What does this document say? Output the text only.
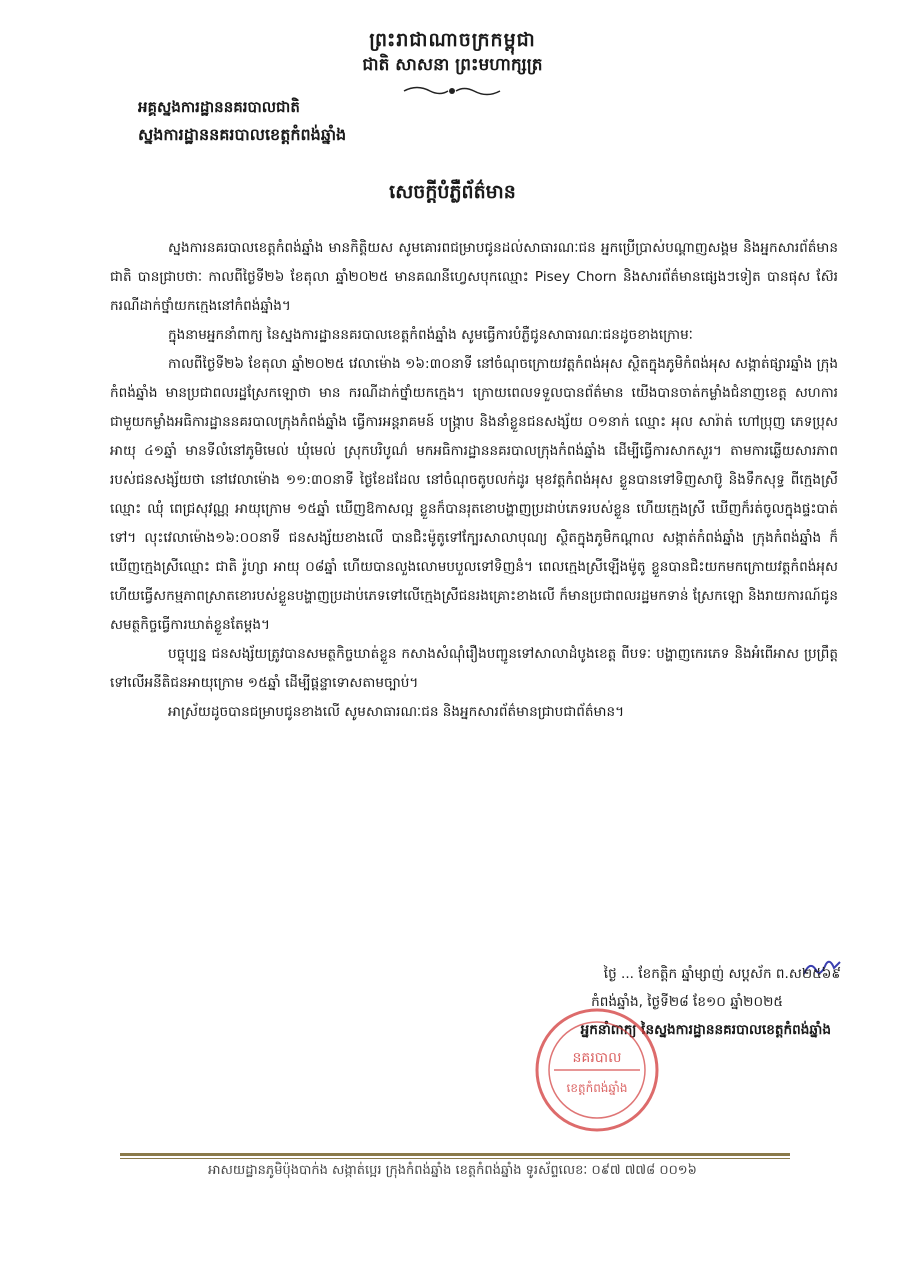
ព្រះរាជាណាចក្រកម្ពុជា
ជាតិ សាសនា ព្រះមហាក្សត្រ
អគ្គស្នងការដ្ឋាននគរបាលជាតិ
ស្នងការដ្ឋាននគរបាលខេត្តកំពង់ឆ្នាំង
សេចក្តីបំភ្លឺព័ត៌មាន

ស្នងការនគរបាលខេត្តកំពង់ឆ្នាំង មានកិត្តិយស សូមគោរពជម្រាបជូនដល់សាធារណៈជន អ្នកប្រើប្រាស់បណ្តាញសង្គម និងអ្នកសារព័ត៌មានជាតិ បានជ្រាបថាៈ កាលពីថ្ងៃទី២៦ ខែតុលា ឆ្នាំ២០២៥ មានគណនីហ្វេសបុកឈ្មោះ Pisey Chorn និងសារព័ត៌មានផ្សេងៗទៀត បានផុស ស៊ែរ ករណីដាក់ថ្នាំយកក្មេងនៅកំពង់ឆ្នាំង។

ក្នុងនាមអ្នកនាំពាក្យ នៃស្នងការដ្ឋាននគរបាលខេត្តកំពង់ឆ្នាំង សូមធ្វើការបំភ្លឺជូនសាធារណៈជនដូចខាងក្រោមៈ

កាលពីថ្ងៃទី២៦ ខែតុលា ឆ្នាំ២០២៥ វេលាម៉ោង ១៦:៣០នាទី នៅចំណុចក្រោយវត្តកំពង់អុស ស្ថិតក្នុងភូមិកំពង់អុស សង្កាត់ផ្សារឆ្នាំង ក្រុងកំពង់ឆ្នាំង មានប្រជាពលរដ្ឋស្រែកឡោថា មាន ករណីដាក់ថ្នាំយកក្មេង។ ក្រោយពេលទទួលបានព័ត៌មាន យើងបានចាត់កម្លាំងជំនាញខេត្ត សហការ ជាមួយកម្លាំងអធិការដ្ឋាននគរបាលក្រុងកំពង់ឆ្នាំង ធ្វើការអន្តរាគមន៍ បង្ក្រាប និងនាំខ្លួនជនសង្ស័យ ០១នាក់ ឈ្មោះ អុល សារ៉ាត់ ហៅប្រុញ ភេទប្រុស អាយុ ៤១ឆ្នាំ មានទីលំនៅភូមិមេល់ ឃុំមេល់ ស្រុកបរិបូណ៌ មកអធិការដ្ឋាននគរបាលក្រុងកំពង់ឆ្នាំង ដើម្បីធ្វើការសាកសួរ។ តាមការឆ្លើយសារភាពរបស់ជនសង្ស័យថា នៅវេលាម៉ោង ១១:៣០នាទី ថ្ងៃខែដដែល នៅចំណុចតូបលក់ដូរ មុខវត្តកំពង់អុស ខ្លួនបានទៅទិញសាប៊ូ និងទឹកសុទ្ធ ពីក្មេងស្រីឈ្មោះ ឈុំ ពេជ្រសុវណ្ណ អាយុក្រោម ១៥ឆ្នាំ ឃើញឱកាសល្អ ខ្លួនក៏បានរុតខោបង្ហាញប្រដាប់ភេទរបស់ខ្លួន ហើយក្មេងស្រី ឃើញក៏រត់ចូលក្នុងផ្ទះបាត់ទៅ។ លុះវេលាម៉ោង១៦:០០នាទី ជនសង្ស័យខាងលើ បានជិះម៉ូតូទៅក្បែរសាលាបុណ្យ ស្ថិតក្នុងភូមិកណ្តាល សង្កាត់កំពង់ឆ្នាំង ក្រុងកំពង់ឆ្នាំង ក៏ឃើញក្មេងស្រីឈ្មោះ ជាតិ រ៉ូហ្សា អាយុ ០៨ឆ្នាំ ហើយបានលួងលោមបបួលទៅទិញនំ។ ពេលក្មេងស្រីឡើងម៉ូតូ ខ្លួនបានជិះយកមកក្រោយវត្តកំពង់អុស ហើយធ្វើសកម្មភាពស្រាតខោរបស់ខ្លួនបង្ហាញប្រដាប់ភេទទៅលើក្មេងស្រីជនរងគ្រោះខាងលើ ក៏មានប្រជាពលរដ្ឋមកទាន់ ស្រែកឡោ និងរាយការណ៍ជូនសមត្ថកិច្ចធ្វើការឃាត់ខ្លួនតែម្តង។

បច្ចុប្បន្ន ជនសង្ស័យត្រូវបានសមត្ថកិច្ចឃាត់ខ្លួន កសាងសំណុំរឿងបញ្ជូនទៅសាលាដំបូងខេត្ត ពីបទៈ បង្ហាញកេរភេទ និងអំពើអាស ប្រព្រឹត្តទៅលើអនីតិជនអាយុក្រោម ១៥ឆ្នាំ ដើម្បីផ្តន្ទាទោសតាមច្បាប់។

អាស្រ័យដូចបានជម្រាបជូនខាងលើ សូមសាធារណៈជន និងអ្នកសារព័ត៌មានជ្រាបជាព័ត៌មាន។

ថ្ងៃ ... ខែកត្តិក ឆ្នាំម្សាញ់ សប្តស័ក ព.ស២៥៦៩
កំពង់ឆ្នាំង, ថ្ងៃទី២៨ ខែ១០ ឆ្នាំ២០២៥
អ្នកនាំពាក្យ នៃស្នងការដ្ឋាននគរបាលខេត្តកំពង់ឆ្នាំង
នគរបាល
ខេត្តកំពង់ឆ្នាំង
អាសយដ្ឋានភូមិប៉ុងបាក់ង សង្កាត់ប្អេរ ក្រុងកំពង់ឆ្នាំង ខេត្តកំពង់ឆ្នាំង ទូរស័ព្ទលេខៈ ០៩៧ ៧៧៨ ០០១៦
